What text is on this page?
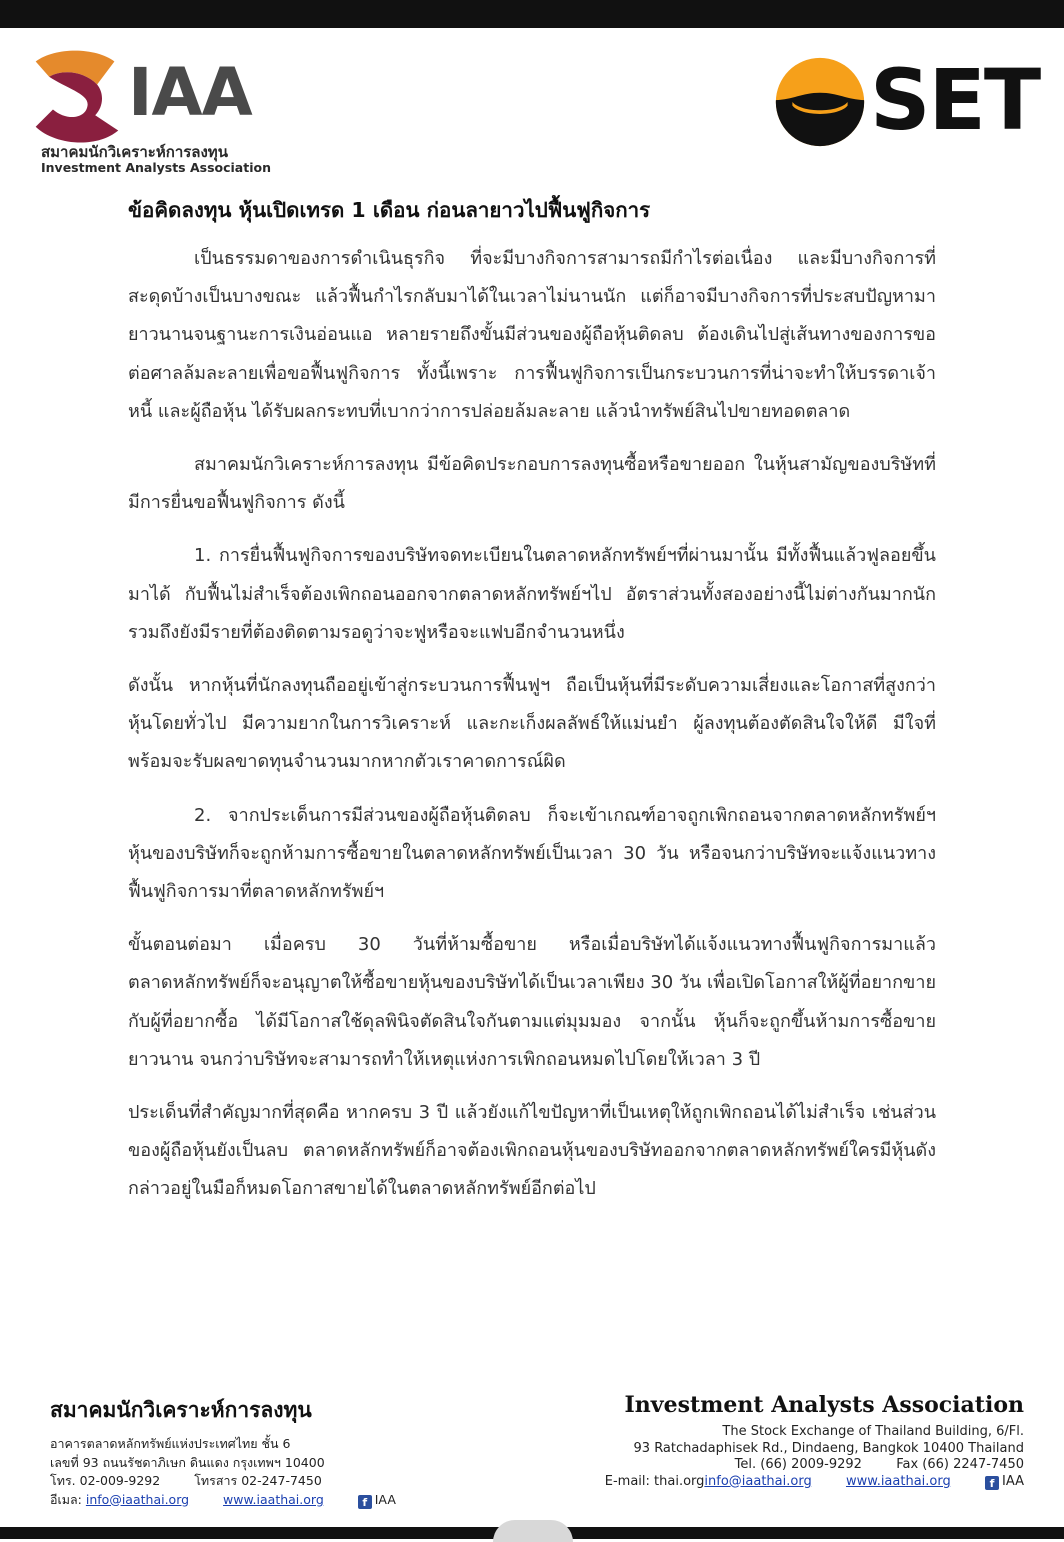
IAA
สมาคมนักวิเคราะห์การลงทุน
Investment Analysts Association
SET
ข้อคิดลงทุน หุ้นเปิดเทรด 1 เดือน ก่อนลายาวไปฟื้นฟูกิจการ

เป็นธรรมดาของการดำเนินธุรกิจ ที่จะมีบางกิจการสามารถมีกำไรต่อเนื่อง และมีบางกิจการที่สะดุดบ้างเป็นบางขณะ แล้วฟื้นกำไรกลับมาได้ในเวลาไม่นานนัก แต่ก็อาจมีบางกิจการที่ประสบปัญหามายาวนานจนฐานะการเงินอ่อนแอ หลายรายถึงขั้นมีส่วนของผู้ถือหุ้นติดลบ ต้องเดินไปสู่เส้นทางของการขอต่อศาลล้มละลายเพื่อขอฟื้นฟูกิจการ ทั้งนี้เพราะ การฟื้นฟูกิจการเป็นกระบวนการที่น่าจะทำให้บรรดาเจ้าหนี้ และผู้ถือหุ้น ได้รับผลกระทบที่เบากว่าการปล่อยล้มละลาย แล้วนำทรัพย์สินไปขายทอดตลาด

สมาคมนักวิเคราะห์การลงทุน มีข้อคิดประกอบการลงทุนซื้อหรือขายออก ในหุ้นสามัญของบริษัทที่มีการยื่นขอฟื้นฟูกิจการ ดังนี้

1. การยื่นฟื้นฟูกิจการของบริษัทจดทะเบียนในตลาดหลักทรัพย์ฯที่ผ่านมานั้น มีทั้งฟื้นแล้วฟูลอยขึ้นมาได้ กับฟื้นไม่สำเร็จต้องเพิกถอนออกจากตลาดหลักทรัพย์ฯไป อัตราส่วนทั้งสองอย่างนี้ไม่ต่างกันมากนัก รวมถึงยังมีรายที่ต้องติดตามรอดูว่าจะฟูหรือจะแฟบอีกจำนวนหนึ่ง

ดังนั้น หากหุ้นที่นักลงทุนถืออยู่เข้าสู่กระบวนการฟื้นฟูฯ ถือเป็นหุ้นที่มีระดับความเสี่ยงและโอกาสที่สูงกว่าหุ้นโดยทั่วไป มีความยากในการวิเคราะห์ และกะเก็งผลลัพธ์ให้แม่นยำ ผู้ลงทุนต้องตัดสินใจให้ดี มีใจที่พร้อมจะรับผลขาดทุนจำนวนมากหากตัวเราคาดการณ์ผิด

2. จากประเด็นการมีส่วนของผู้ถือหุ้นติดลบ ก็จะเข้าเกณฑ์อาจถูกเพิกถอนจากตลาดหลักทรัพย์ฯ หุ้นของบริษัทก็จะถูกห้ามการซื้อขายในตลาดหลักทรัพย์เป็นเวลา 30 วัน หรือจนกว่าบริษัทจะแจ้งแนวทางฟื้นฟูกิจการมาที่ตลาดหลักทรัพย์ฯ

ขั้นตอนต่อมา เมื่อครบ 30 วันที่ห้ามซื้อขาย หรือเมื่อบริษัทได้แจ้งแนวทางฟื้นฟูกิจการมาแล้วตลาดหลักทรัพย์ก็จะอนุญาตให้ซื้อขายหุ้นของบริษัทได้เป็นเวลาเพียง 30 วัน เพื่อเปิดโอกาสให้ผู้ที่อยากขายกับผู้ที่อยากซื้อ ได้มีโอกาสใช้ดุลพินิจตัดสินใจกันตามแต่มุมมอง จากนั้น หุ้นก็จะถูกขึ้นห้ามการซื้อขายยาวนาน จนกว่าบริษัทจะสามารถทำให้เหตุแห่งการเพิกถอนหมดไปโดยให้เวลา 3 ปี

ประเด็นที่สำคัญมากที่สุดคือ หากครบ 3 ปี แล้วยังแก้ไขปัญหาที่เป็นเหตุให้ถูกเพิกถอนได้ไม่สำเร็จ เช่นส่วนของผู้ถือหุ้นยังเป็นลบ ตลาดหลักทรัพย์ก็อาจต้องเพิกถอนหุ้นของบริษัทออกจากตลาดหลักทรัพย์ใครมีหุ้นดังกล่าวอยู่ในมือก็หมดโอกาสขายได้ในตลาดหลักทรัพย์อีกต่อไป

สมาคมนักวิเคราะห์การลงทุน
อาคารตลาดหลักทรัพย์แห่งประเทศไทย ชั้น 6
เลขที่ 93 ถนนรัชดาภิเษก ดินแดง กรุงเทพฯ 10400
โทร. 02-009-9292	โทรสาร 02-247-7450
อีเมล: info@iaathai.org	www.iaathai.org	f IAA
Investment Analysts Association
The Stock Exchange of Thailand Building, 6/Fl.
93 Ratchadaphisek Rd., Dindaeng, Bangkok 10400 Thailand
Tel. (66) 2009-9292	Fax (66) 2247-7450
E-mail: thai.orginfo@iaathai.org	www.iaathai.org	f IAA
